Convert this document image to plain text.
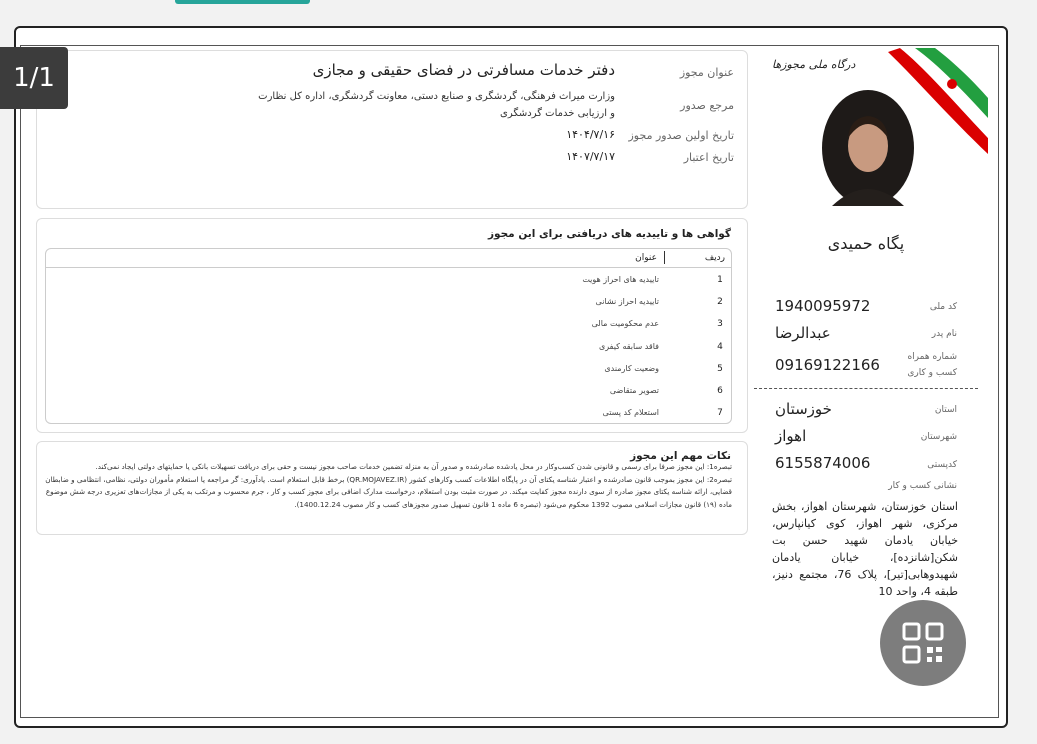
1/1	عنوان مجوز
دفتر خدمات مسافرتی در فضای حقیقی و مجازی
مرجع صدور
وزارت میراث فرهنگی، گردشگری و صنایع دستی، معاونت گردشگری، اداره کل نظارت
و ارزیابی خدمات گردشگری
تاریخ اولین صدور مجوز
۱۴۰۴/۷/۱۶
تاریخ اعتبار
۱۴۰۷/۷/۱۷
گواهی ها و تاییدیه های دریافتی برای این مجوز
ردیف
عنوان
1
تاییدیه های احراز هویت
2
تاییدیه احراز نشانی
3
عدم محکومیت مالی
4
فاقد سابقه کیفری
5
وضعیت کارمندی
6
تصویر متقاضی
7
استعلام کد پستی
نکات مهم این مجوز
تبصره1: این مجوز صرفا برای رسمی و قانونی شدن کسب‌وکار در محل یادشده صادرشده و صدور آن به منزله تضمین خدمات صاحب مجوز نیست و حقی برای دریافت تسهیلات بانکی یا حمایتهای دولتی ایجاد نمی‌کند.
تبصره2: این مجوز بموجب قانون صادرشده و اعتبار شناسه یکتای آن در پایگاه اطلاعات کسب وکارهای کشور (QR.MOJAVEZ.IR) برخط قابل استعلام است. یادآوری: گر مراجعه یا استعلام مأموران دولتی، نظامی، انتظامی و ضابطان
قضایی، ارائه شناسه یکتای مجوز صادره از سوی دارنده مجوز کفایت میکند. در صورت مثبت بودن استعلام، درخواست مدارک اضافی برای مجوز کسب و کار ، جرم محسوب و مرتکب به یکی از مجازات‌های تعزیری درجه شش موضوع
ماده (۱۹) قانون مجازات اسلامی مصوب 1392 محکوم می‌شود (تبصره 6 ماده 1 قانون تسهیل صدور مجوزهای کسب و کار مصوب 1400.12.24).
درگاه ملی مجوزها
پگاه حمیدی
کد ملی
1940095972
نام پدر
عبدالرضا
شماره همراه
کسب و کاری
09169122166
استان
خوزستان
شهرستان
اهواز
کدپستی
6155874006
نشانی کسب و کار
استان خوزستان، شهرستان اهواز، بخش مرکزی، شهر اهواز، کوی کیانپارس، خیابان یادمان شهید حسن بت شکن[شانزده]، خیابان یادمان شهیدوهابی[تیر]، پلاک 76، مجتمع دنیز، طبقه 4، واحد 10
